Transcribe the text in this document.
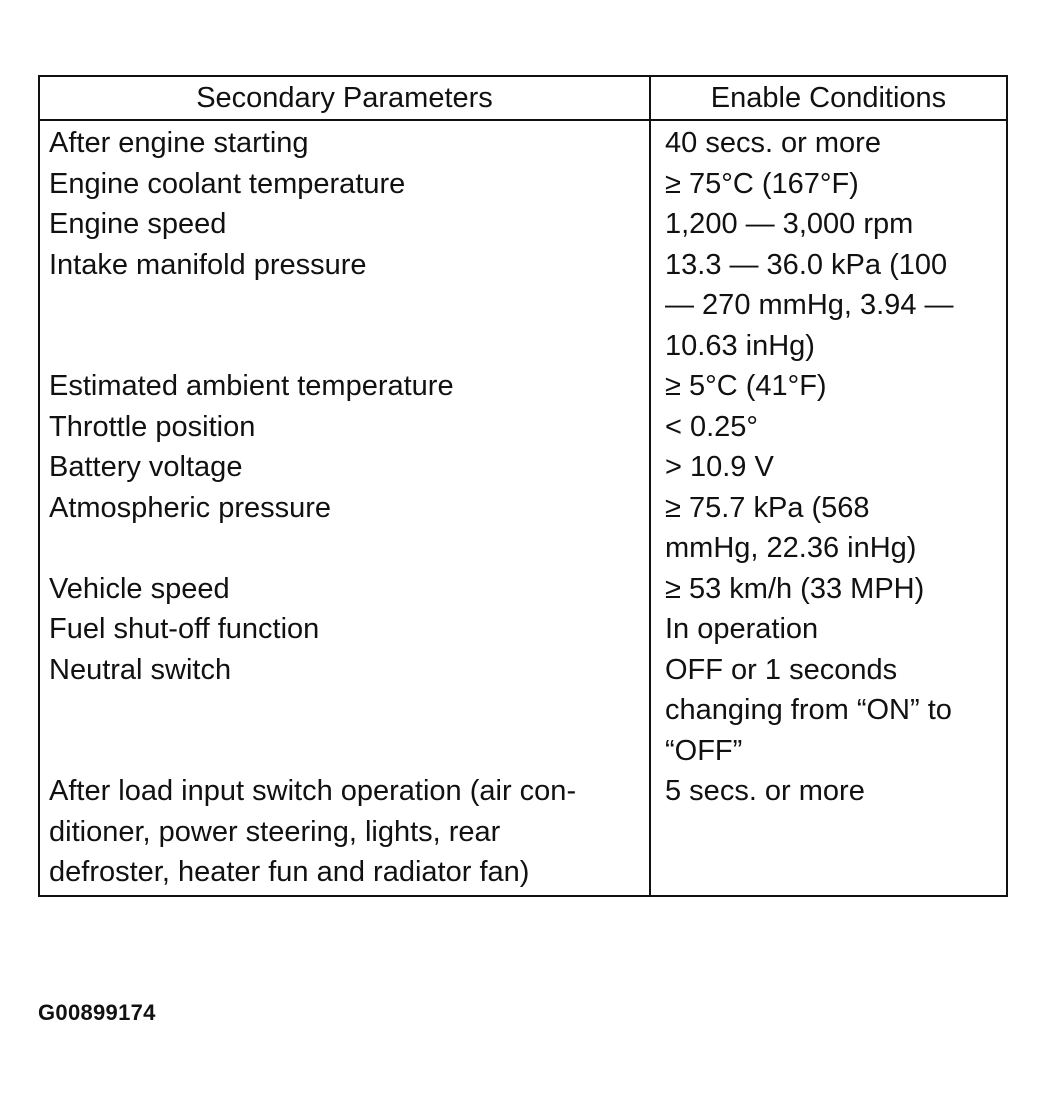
Secondary Parameters	Enable Conditions

After engine starting	40 secs. or more

Engine coolant temperature	≥ 75°C (167°F)

Engine speed	1,200 — 3,000 rpm

Intake manifold pressure	13.3 — 36.0 kPa (100
— 270 mmHg, 3.94 —
10.63 inHg)

Estimated ambient temperature	≥ 5°C (41°F)

Throttle position	< 0.25°

Battery voltage	> 10.9 V

Atmospheric pressure	≥ 75.7 kPa (568
mmHg, 22.36 inHg)

Vehicle speed	≥ 53 km/h (33 MPH)

Fuel shut-off function	In operation

Neutral switch	OFF or 1 seconds
changing from “ON” to
“OFF”

After load input switch operation (air con-
ditioner, power steering, lights, rear
defroster, heater fun and radiator fan)	5 secs. or more
G00899174
